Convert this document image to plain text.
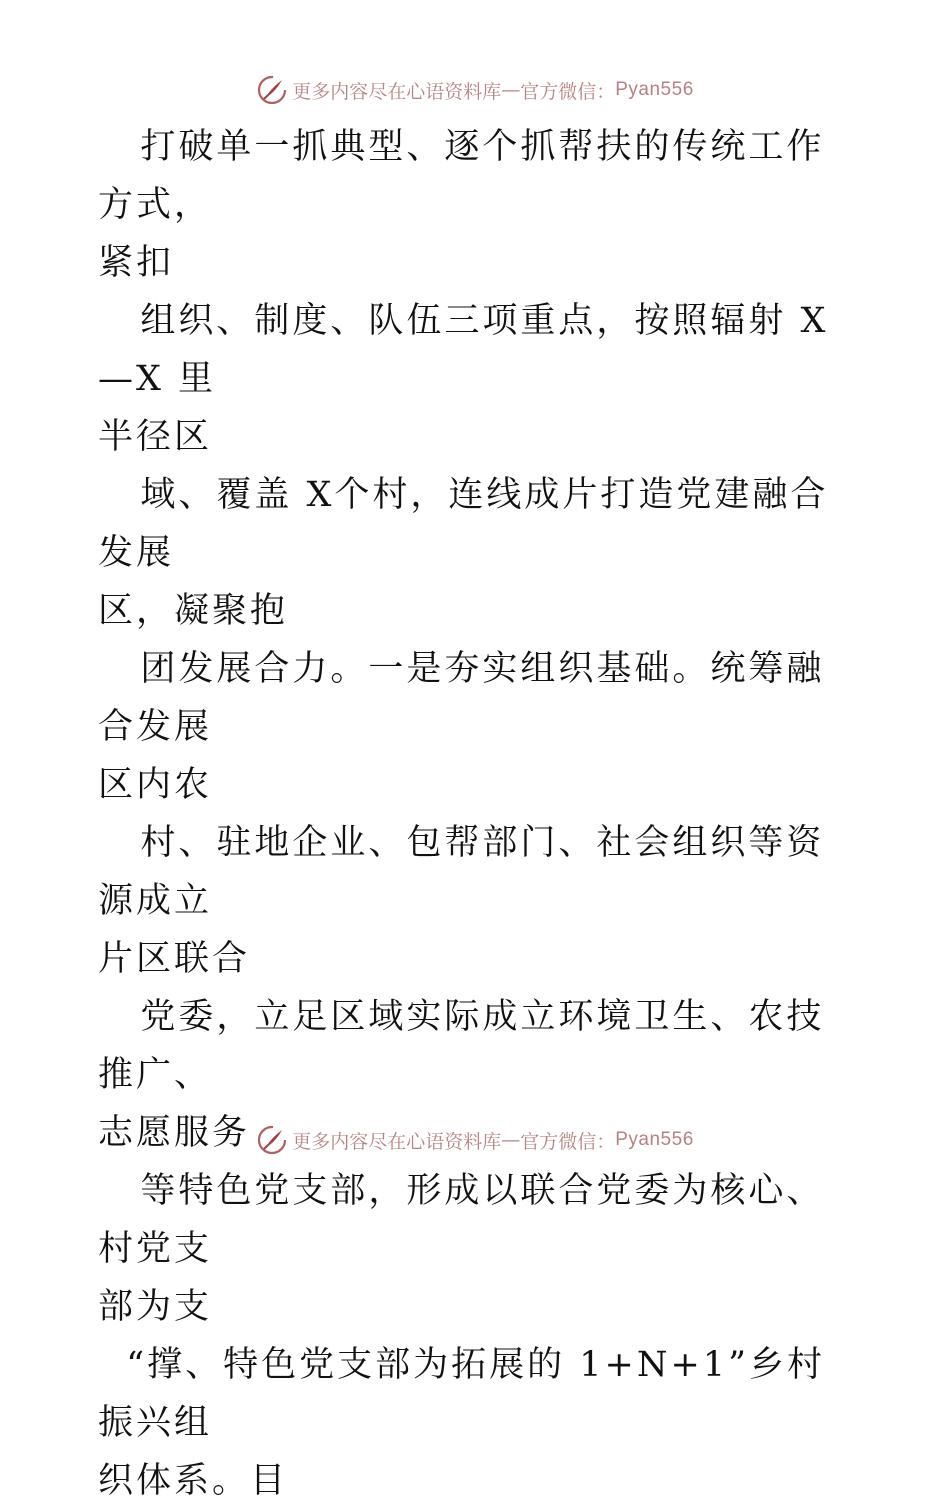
更多内容尽在心语资料库 — 官方微信： Pyan556

打破单一抓典型、逐个抓帮扶的传统工作方式，
紧扣
组织、制度、队伍三项重点，按照辐射 X—X 里
半径区
域、覆盖 X个村，连线成片打造党建融合发展
区，凝聚抱
团发展合力。一是夯实组织基础。统筹融合发展
区内农
村、驻地企业、包帮部门、社会组织等资源成立
片区联合
党委，立足区域实际成立环境卫生、农技推广、
志愿服务
等特色党支部，形成以联合党委为核心、村党支
部为支
“撑、特色党支部为拓展的 1+N+1”乡村振兴组
织体系。目

更多内容尽在心语资料库 — 官方微信： Pyan556
